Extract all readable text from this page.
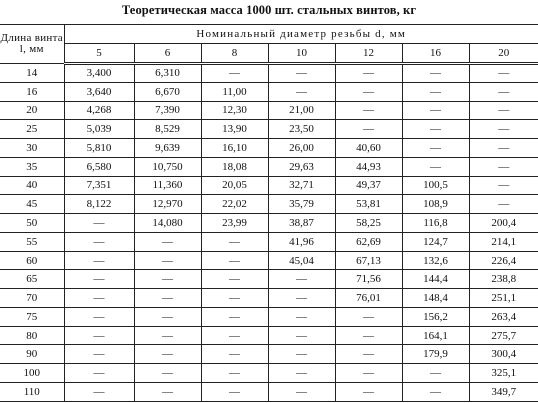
Теоретическая масса 1000 шт. стальных винтов, кг
Длина винта
l, мм	Номинальный диаметр резьбы d, мм						
	5	6	8	10	12	16	20
14	3,400	6,310	—	—	—	—	—
16	3,640	6,670	11,00	—	—	—	—
20	4,268	7,390	12,30	21,00	—	—	—
25	5,039	8,529	13,90	23,50	—	—	—
30	5,810	9,639	16,10	26,00	40,60	—	—
35	6,580	10,750	18,08	29,63	44,93	—	—
40	7,351	11,360	20,05	32,71	49,37	100,5	—
45	8,122	12,970	22,02	35,79	53,81	108,9	—
50	—	14,080	23,99	38,87	58,25	116,8	200,4
55	—	—	—	41,96	62,69	124,7	214,1
60	—	—	—	45,04	67,13	132,6	226,4
65	—	—	—	—	71,56	144,4	238,8
70	—	—	—	—	76,01	148,4	251,1
75	—	—	—	—	—	156,2	263,4
80	—	—	—	—	—	164,1	275,7
90	—	—	—	—	—	179,9	300,4
100	—	—	—	—	—	—	325,1
110	—	—	—	—	—	—	349,7
